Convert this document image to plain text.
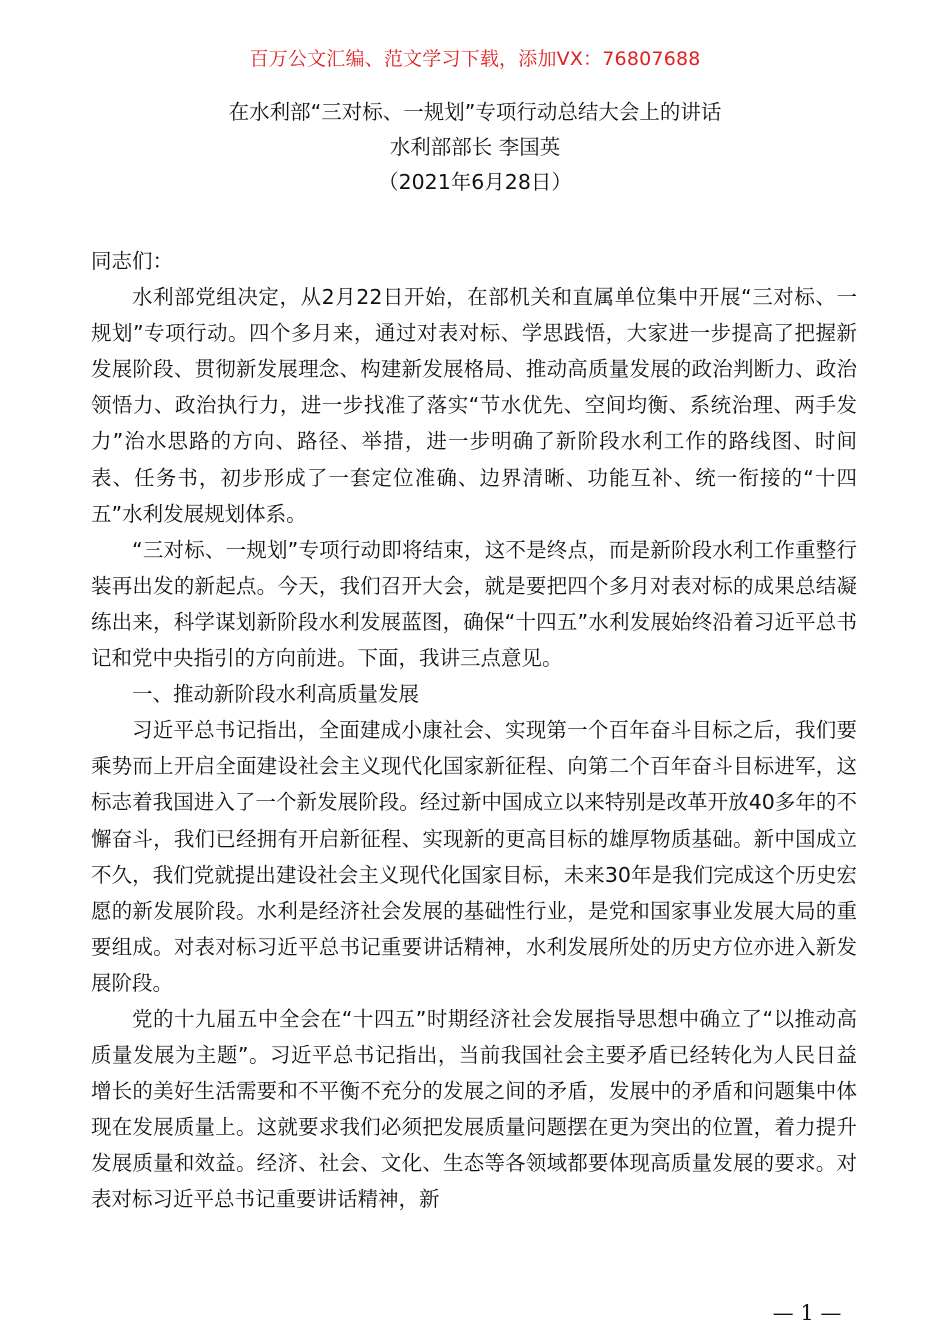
百万公文汇编、范文学习下载，添加VX：76807688
在水利部“三对标、一规划”专项行动总结大会上的讲话
水利部部长 李国英
（2021年6月28日）

同志们：

水利部党组决定，从2月22日开始，在部机关和直属单位集中开展“三对标、一规划”专项行动。四个多月来，通过对表对标、学思践悟，大家进一步提高了把握新发展阶段、贯彻新发展理念、构建新发展格局、推动高质量发展的政治判断力、政治领悟力、政治执行力，进一步找准了落实“节水优先、空间均衡、系统治理、两手发力”治水思路的方向、路径、举措，进一步明确了新阶段水利工作的路线图、时间表、任务书，初步形成了一套定位准确、边界清晰、功能互补、统一衔接的“十四五”水利发展规划体系。

“三对标、一规划”专项行动即将结束，这不是终点，而是新阶段水利工作重整行装再出发的新起点。今天，我们召开大会，就是要把四个多月对表对标的成果总结凝练出来，科学谋划新阶段水利发展蓝图，确保“十四五”水利发展始终沿着习近平总书记和党中央指引的方向前进。下面，我讲三点意见。

一、推动新阶段水利高质量发展

习近平总书记指出，全面建成小康社会、实现第一个百年奋斗目标之后，我们要乘势而上开启全面建设社会主义现代化国家新征程、向第二个百年奋斗目标进军，这标志着我国进入了一个新发展阶段。经过新中国成立以来特别是改革开放40多年的不懈奋斗，我们已经拥有开启新征程、实现新的更高目标的雄厚物质基础。新中国成立不久，我们党就提出建设社会主义现代化国家目标，未来30年是我们完成这个历史宏愿的新发展阶段。水利是经济社会发展的基础性行业，是党和国家事业发展大局的重要组成。对表对标习近平总书记重要讲话精神，水利发展所处的历史方位亦进入新发展阶段。

党的十九届五中全会在“十四五”时期经济社会发展指导思想中确立了“以推动高质量发展为主题”。习近平总书记指出，当前我国社会主要矛盾已经转化为人民日益增长的美好生活需要和不平衡不充分的发展之间的矛盾，发展中的矛盾和问题集中体现在发展质量上。这就要求我们必须把发展质量问题摆在更为突出的位置，着力提升发展质量和效益。经济、社会、文化、生态等各领域都要体现高质量发展的要求。对表对标习近平总书记重要讲话精神，新

— 1 —
